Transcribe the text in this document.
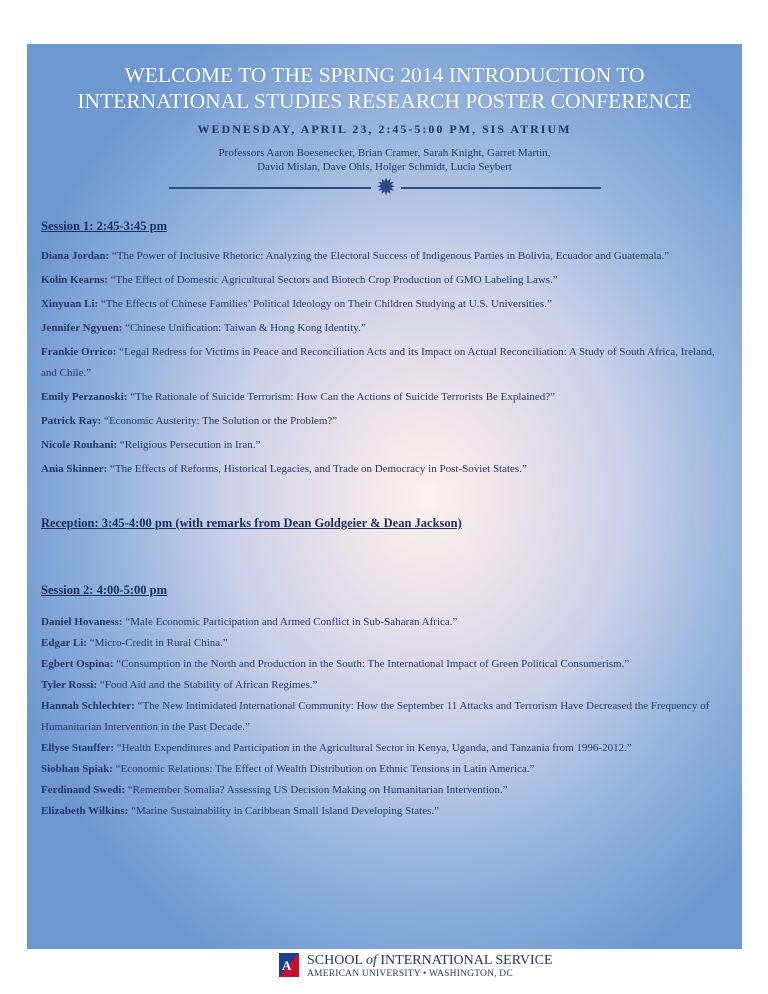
WELCOME TO THE SPRING 2014 INTRODUCTION TO
INTERNATIONAL STUDIES RESEARCH POSTER CONFERENCE
WEDNESDAY, APRIL 23, 2:45-5:00 PM, SIS ATRIUM
Professors Aaron Boesenecker, Brian Cramer, Sarah Knight, Garret Martin,
David Mislan, Dave Ohls, Holger Schmidt, Lucia Seybert
✹
Session 1: 2:45-3:45 pm

Diana Jordan: “The Power of Inclusive Rhetoric: Analyzing the Electoral Success of Indigenous Parties in Bolivia, Ecuador and Guatemala.”

Kolin Kearns: “The Effect of Domestic Agricultural Sectors and Biotech Crop Production of GMO Labeling Laws.”

Xinyuan Li: “The Effects of Chinese Families’ Political Ideology on Their Children Studying at U.S. Universities.”

Jennifer Ngyuen: “Chinese Unification: Taiwan & Hong Kong Identity.”

Frankie Orrico: “Legal Redress for Victims in Peace and Reconciliation Acts and its Impact on Actual Reconciliation: A Study of South Africa, Ireland, and Chile.”

Emily Perzanoski: “The Rationale of Suicide Terrorism: How Can the Actions of Suicide Terrorists Be Explained?”

Patrick Ray: “Economic Austerity: The Solution or the Problem?”

Nicole Rouhani: “Religious Persecution in Iran.”

Ania Skinner: “The Effects of Reforms, Historical Legacies, and Trade on Democracy in Post-Soviet States.”

Reception: 3:45-4:00 pm (with remarks from Dean Goldgeier & Dean Jackson)
Session 2: 4:00-5:00 pm

Daniel Hovaness: “Male Economic Participation and Armed Conflict in Sub-Saharan Africa.”

Edgar Li: “Micro-Credit in Rural China.”

Egbert Ospina: “Consumption in the North and Production in the South: The International Impact of Green Political Consumerism.”

Tyler Rossi: “Food Aid and the Stability of African Regimes.”

Hannah Schlechter: “The New Intimidated International Community: How the September 11 Attacks and Terrorism Have Decreased the Frequency of Humanitarian Intervention in the Past Decade.”

Ellyse Stauffer: “Health Expenditures and Participation in the Agricultural Sector in Kenya, Uganda, and Tanzania from 1996-2012.”

Siobhan Spiak: “Economic Relations: The Effect of Wealth Distribution on Ethnic Tensions in Latin America.”

Ferdinand Swedi: “Remember Somalia? Assessing US Decision Making on Humanitarian Intervention.”

Elizabeth Wilkins: “Marine Sustainability in Caribbean Small Island Developing States.”

A SCHOOL of INTERNATIONAL SERVICE
AMERICAN UNIVERSITY • WASHINGTON, DC
